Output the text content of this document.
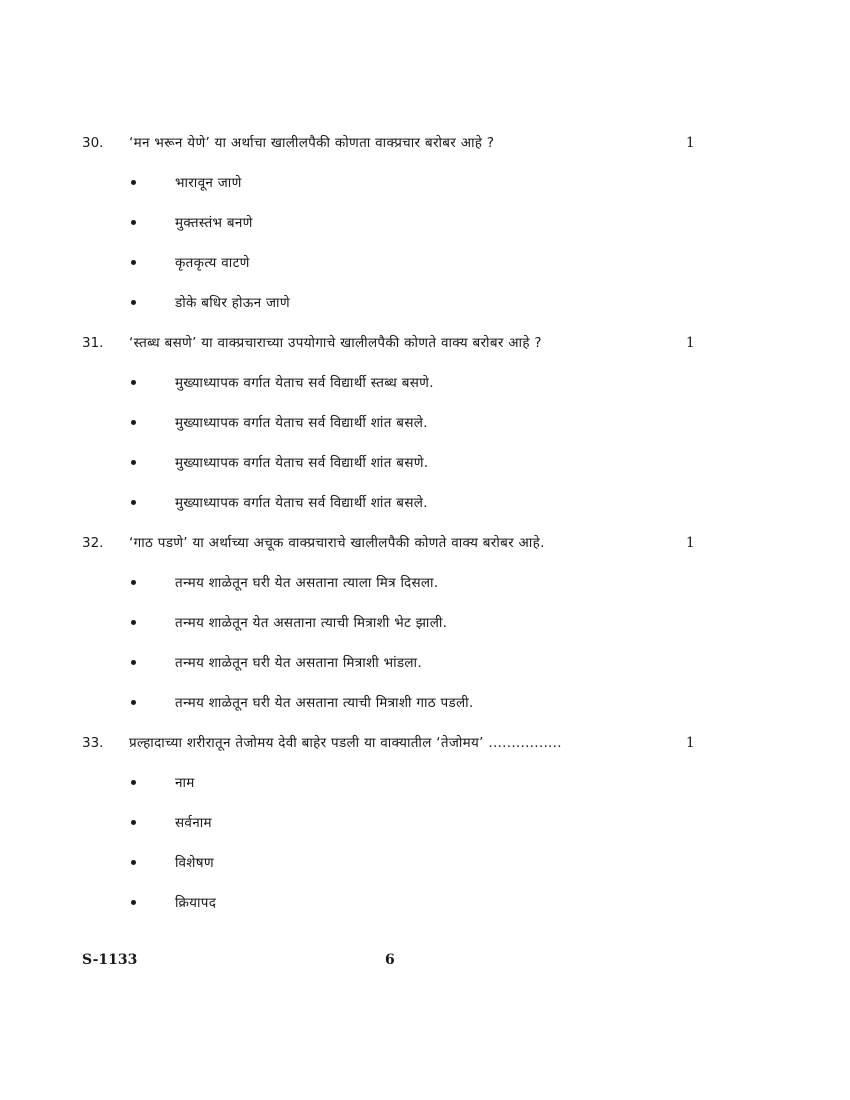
30. ‘मन भरून येणे’ या अर्थाचा खालीलपैकी कोणता वाक्प्रचार बरोबर आहे ?	1
भारावून जाणे
मुक्तस्तंभ बनणे
कृतकृत्य वाटणे
डोके बधिर होऊन जाणे
31. ‘स्तब्ध बसणे’ या वाक्प्रचाराच्या उपयोगाचे खालीलपैकी कोणते वाक्य बरोबर आहे ?	1
मुख्याध्यापक वर्गात येताच सर्व विद्यार्थी स्तब्ध बसणे.
मुख्याध्यापक वर्गात येताच सर्व विद्यार्थी शांत बसले.
मुख्याध्यापक वर्गात येताच सर्व विद्यार्थी शांत बसणे.
मुख्याध्यापक वर्गात येताच सर्व विद्यार्थी शांत बसले.
32. ‘गाठ पडणे’ या अर्थाच्या अचूक वाक्प्रचाराचे खालीलपैकी कोणते वाक्य बरोबर आहे.	1
तन्मय शाळेतून घरी येत असताना त्याला मित्र दिसला.
तन्मय शाळेतून येत असताना त्याची मित्राशी भेट झाली.
तन्मय शाळेतून घरी येत असताना मित्राशी भांडला.
तन्मय शाळेतून घरी येत असताना त्याची मित्राशी गाठ पडली.
33. प्रल्हादाच्या शरीरातून तेजोमय देवी बाहेर पडली या वाक्यातील ‘तेजोमय’ ................	1
नाम
सर्वनाम
विशेषण
क्रियापद
S-1133	6
